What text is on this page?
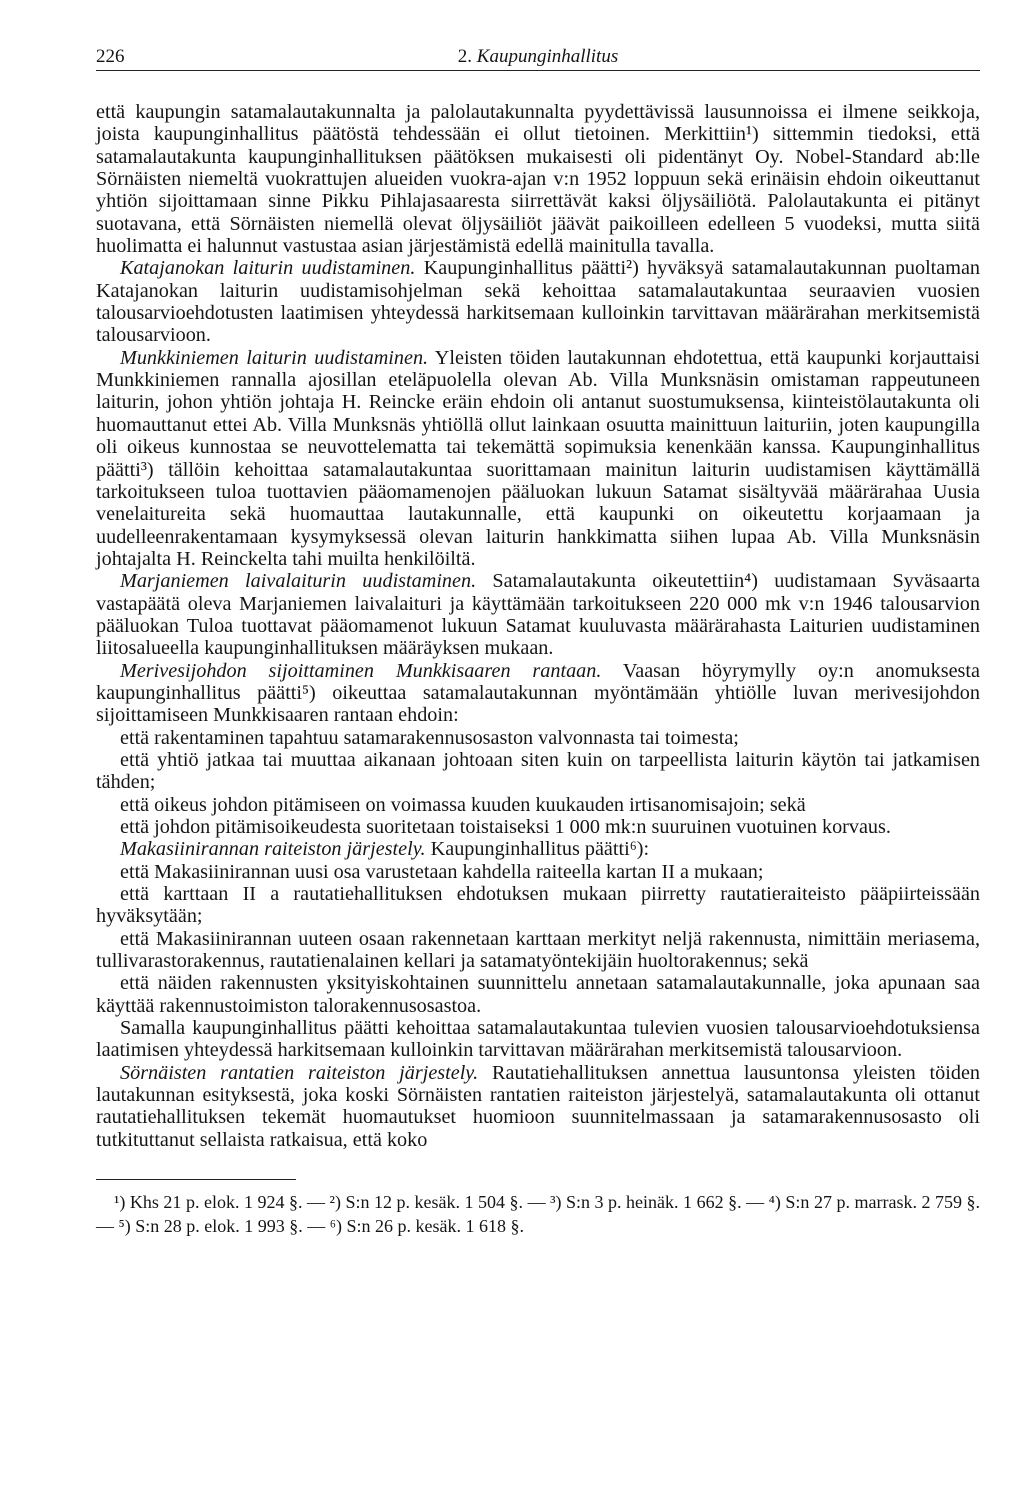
226	2. Kaupunginhallitus

että kaupungin satamalautakunnalta ja palolautakunnalta pyydettävissä lausunnoissa ei ilmene seikkoja, joista kaupunginhallitus päätöstä tehdessään ei ollut tietoinen. Merkittiin¹) sittemmin tiedoksi, että satamalautakunta kaupunginhallituksen päätöksen mukaisesti oli pidentänyt Oy. Nobel-Standard ab:lle Sörnäisten niemeltä vuokrattujen alueiden vuokra-ajan v:n 1952 loppuun sekä erinäisin ehdoin oikeuttanut yhtiön sijoittamaan sinne Pikku Pihlajasaaresta siirrettävät kaksi öljysäiliötä. Palolautakunta ei pitänyt suotavana, että Sörnäisten niemellä olevat öljysäiliöt jäävät paikoilleen edelleen 5 vuodeksi, mutta siitä huolimatta ei halunnut vastustaa asian järjestämistä edellä mainitulla tavalla.

Katajanokan laiturin uudistaminen. Kaupunginhallitus päätti²) hyväksyä satamalautakunnan puoltaman Katajanokan laiturin uudistamisohjelman sekä kehoittaa satamalautakuntaa seuraavien vuosien talousarvioehdotusten laatimisen yhteydessä harkitsemaan kulloinkin tarvittavan määrärahan merkitsemistä talousarvioon.

Munkkiniemen laiturin uudistaminen. Yleisten töiden lautakunnan ehdotettua, että kaupunki korjauttaisi Munkkiniemen rannalla ajosillan eteläpuolella olevan Ab. Villa Munksnäsin omistaman rappeutuneen laiturin, johon yhtiön johtaja H. Reincke eräin ehdoin oli antanut suostumuksensa, kiinteistölautakunta oli huomauttanut ettei Ab. Villa Munksnäs yhtiöllä ollut lainkaan osuutta mainittuun laituriin, joten kaupungilla oli oikeus kunnostaa se neuvottelematta tai tekemättä sopimuksia kenenkään kanssa. Kaupunginhallitus päätti³) tällöin kehoittaa satamalautakuntaa suorittamaan mainitun laiturin uudistamisen käyttämällä tarkoitukseen tuloa tuottavien pääomamenojen pääluokan lukuun Satamat sisältyvää määrärahaa Uusia venelaitureita sekä huomauttaa lautakunnalle, että kaupunki on oikeutettu korjaamaan ja uudelleenrakentamaan kysymyksessä olevan laiturin hankkimatta siihen lupaa Ab. Villa Munksnäsin johtajalta H. Reinckelta tahi muilta henkilöiltä.

Marjaniemen laivalaiturin uudistaminen. Satamalautakunta oikeutettiin⁴) uudistamaan Syväsaarta vastapäätä oleva Marjaniemen laivalaituri ja käyttämään tarkoitukseen 220 000 mk v:n 1946 talousarvion pääluokan Tuloa tuottavat pääomamenot lukuun Satamat kuuluvasta määrärahasta Laiturien uudistaminen liitosalueella kaupunginhallituksen määräyksen mukaan.

Merivesijohdon sijoittaminen Munkkisaaren rantaan. Vaasan höyrymylly oy:n anomuksesta kaupunginhallitus päätti⁵) oikeuttaa satamalautakunnan myöntämään yhtiölle luvan merivesijohdon sijoittamiseen Munkkisaaren rantaan ehdoin:

että rakentaminen tapahtuu satamarakennusosaston valvonnasta tai toimesta;

että yhtiö jatkaa tai muuttaa aikanaan johtoaan siten kuin on tarpeellista laiturin käytön tai jatkamisen tähden;

että oikeus johdon pitämiseen on voimassa kuuden kuukauden irtisanomisajoin; sekä

että johdon pitämisoikeudesta suoritetaan toistaiseksi 1 000 mk:n suuruinen vuotuinen korvaus.

Makasiinirannan raiteiston järjestely. Kaupunginhallitus päätti⁶):

että Makasiinirannan uusi osa varustetaan kahdella raiteella kartan II a mukaan;

että karttaan II a rautatiehallituksen ehdotuksen mukaan piirretty rautatieraiteisto pääpiirteissään hyväksytään;

että Makasiinirannan uuteen osaan rakennetaan karttaan merkityt neljä rakennusta, nimittäin meriasema, tullivarastorakennus, rautatienalainen kellari ja satamatyöntekijäin huoltorakennus; sekä

että näiden rakennusten yksityiskohtainen suunnittelu annetaan satamalautakunnalle, joka apunaan saa käyttää rakennustoimiston talorakennusosastoa.

Samalla kaupunginhallitus päätti kehoittaa satamalautakuntaa tulevien vuosien talousarvioehdotuksiensa laatimisen yhteydessä harkitsemaan kulloinkin tarvittavan määrärahan merkitsemistä talousarvioon.

Sörnäisten rantatien raiteiston järjestely. Rautatiehallituksen annettua lausuntonsa yleisten töiden lautakunnan esityksestä, joka koski Sörnäisten rantatien raiteiston järjestelyä, satamalautakunta oli ottanut rautatiehallituksen tekemät huomautukset huomioon suunnitelmassaan ja satamarakennusosasto oli tutkituttanut sellaista ratkaisua, että koko

¹) Khs 21 p. elok. 1 924 §. — ²) S:n 12 p. kesäk. 1 504 §. — ³) S:n 3 p. heinäk. 1 662 §. — ⁴) S:n 27 p. marrask. 2 759 §. — ⁵) S:n 28 p. elok. 1 993 §. — ⁶) S:n 26 p. kesäk. 1 618 §.
